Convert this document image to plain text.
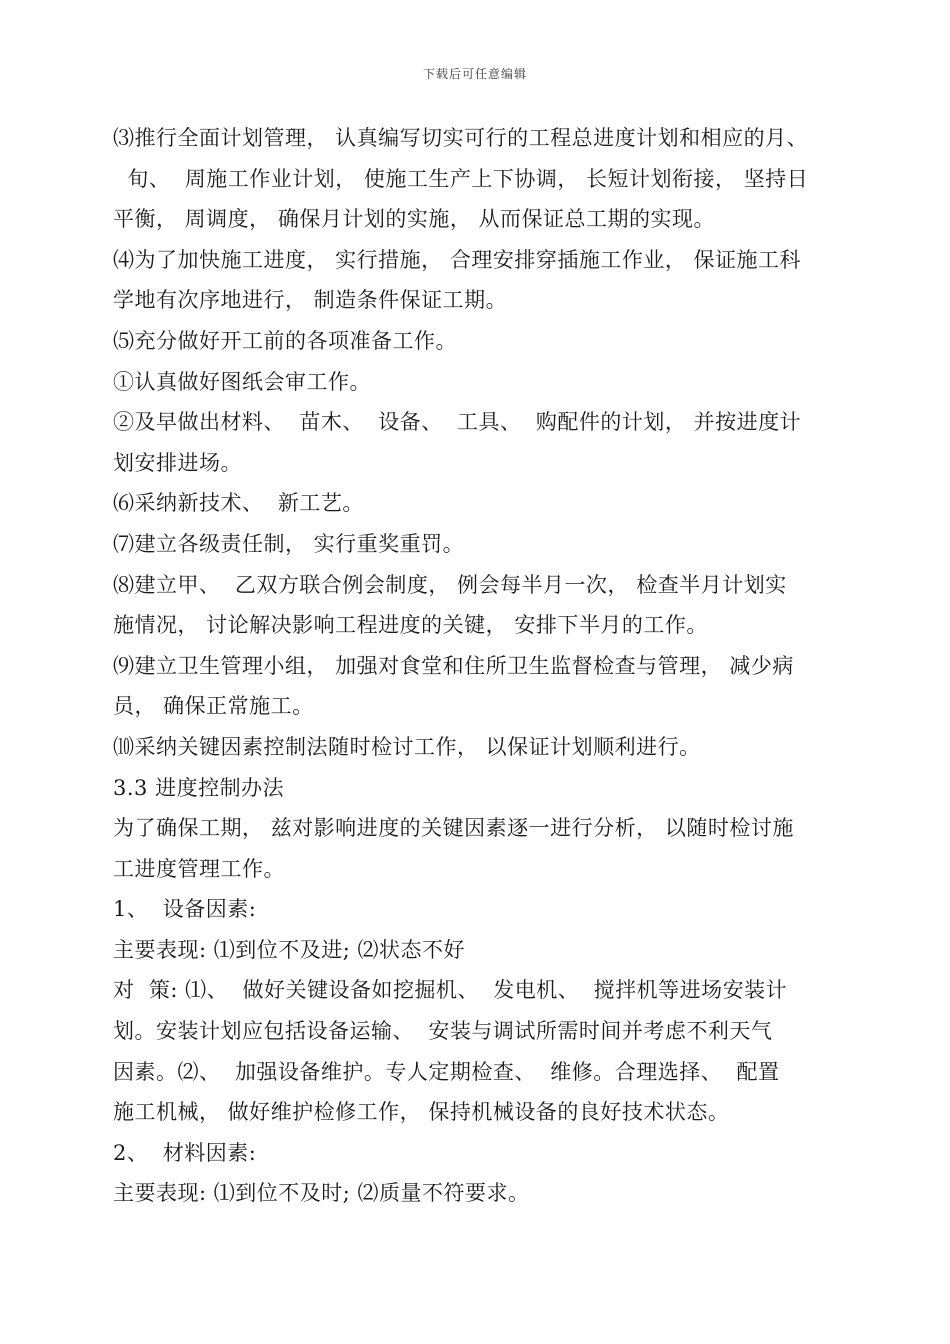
下载后可任意编辑
⑶推行全面计划管理， 认真编写切实可行的工程总进度计划和相应的月、
旬、  周施工作业计划， 使施工生产上下协调， 长短计划衔接， 坚持日
平衡， 周调度， 确保月计划的实施， 从而保证总工期的实现。
⑷为了加快施工进度， 实行措施， 合理安排穿插施工作业， 保证施工科
学地有次序地进行， 制造条件保证工期。
⑸充分做好开工前的各项准备工作。
①认真做好图纸会审工作。
②及早做出材料、  苗木、  设备、  工具、  购配件的计划， 并按进度计
划安排进场。
⑹采纳新技术、  新工艺。
⑺建立各级责任制， 实行重奖重罚。
⑻建立甲、  乙双方联合例会制度， 例会每半月一次， 检查半月计划实
施情况， 讨论解决影响工程进度的关键， 安排下半月的工作。
⑼建立卫生管理小组， 加强对食堂和住所卫生监督检查与管理， 减少病
员， 确保正常施工。
⑽采纳关键因素控制法随时检讨工作， 以保证计划顺利进行。
3.3 进度控制办法
为了确保工期， 兹对影响进度的关键因素逐一进行分析， 以随时检讨施
工进度管理工作。
1、  设备因素:
主要表现: ⑴到位不及进; ⑵状态不好
对  策: ⑴、  做好关键设备如挖掘机、  发电机、  搅拌机等进场安装计
划。安装计划应包括设备运输、  安装与调试所需时间并考虑不利天气
因素。⑵、  加强设备维护。专人定期检查、  维修。合理选择、  配置
施工机械， 做好维护检修工作， 保持机械设备的良好技术状态。
2、  材料因素:
主要表现: ⑴到位不及时; ⑵质量不符要求。
